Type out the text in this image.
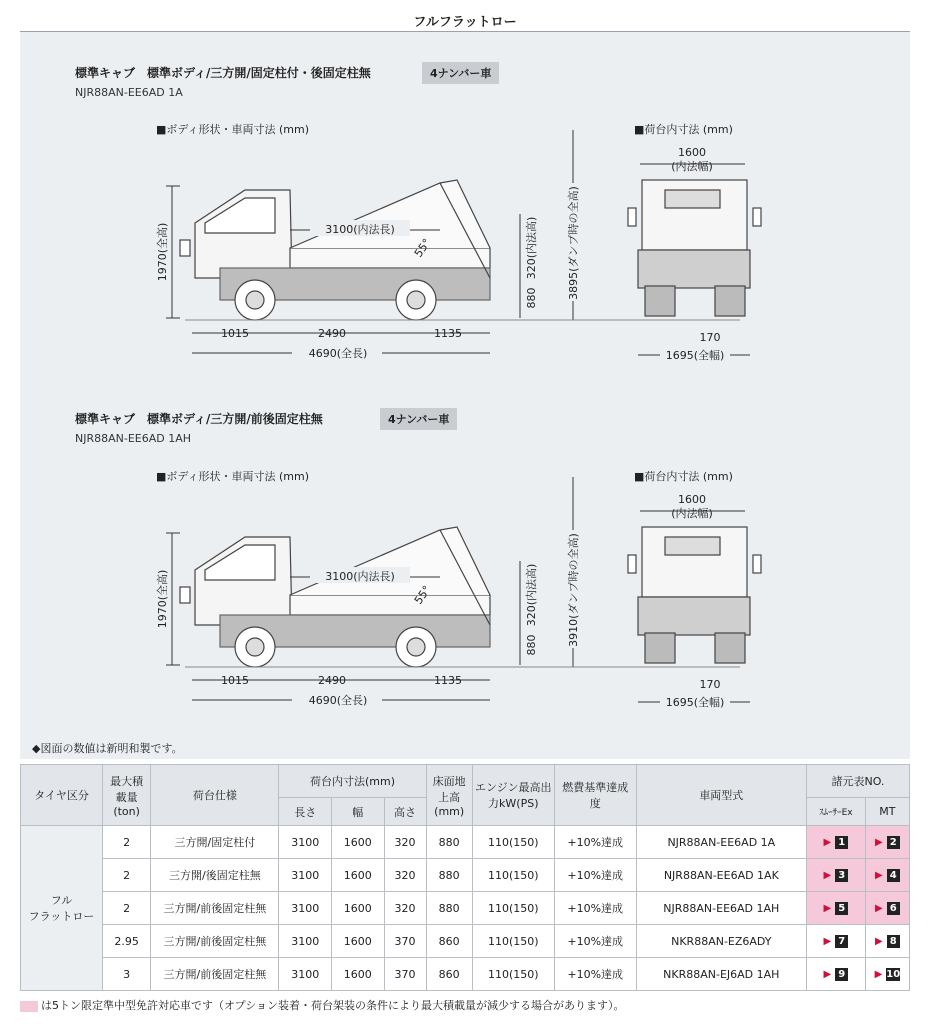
フルフラットロー
標準キャブ　標準ボディ/三方開/固定柱付・後固定柱無	4ナンバー車
NJR88AN-EE6AD 1A
■ボディ形状・車両寸法 (mm)	■荷台内寸法 (mm)
1970(全高)	3100(内法長)
55°	320(内法高)
880	3895(ダンプ時の全高)
1015	2490	1135
4690(全長)
1600
(内法幅)
170
1695(全幅)
標準キャブ　標準ボディ/三方開/前後固定柱無	4ナンバー車
NJR88AN-EE6AD 1AH
■ボディ形状・車両寸法 (mm)	■荷台内寸法 (mm)
1970(全高)	3100(内法長)
55°	320(内法高)
880	3910(ダンプ時の全高)
1015	2490	1135
4690(全長)
1600
(内法幅)
170
1695(全幅)
◆図面の数値は新明和製です。
タイヤ区分	最大積載量(ton)	荷台仕様	荷台内寸法(mm)			床面地上高(mm)	エンジン最高出力kW(PS)	燃費基準達成度	車両型式	諸元表NO.	
			長さ	幅	高さ					ｽﾑｰｻｰEx	MT
フル
フラットロー	2	三方開/固定柱付	3100	1600	320	880	110(150)	+10%達成	NJR88AN-EE6AD 1A	▶ 1	▶ 2

	2	三方開/後固定柱無	3100	1600	320	880	110(150)	+10%達成	NJR88AN-EE6AD 1AK	▶ 3	▶ 4

	2	三方開/前後固定柱無	3100	1600	320	880	110(150)	+10%達成	NJR88AN-EE6AD 1AH	▶ 5	▶ 6

	2.95	三方開/前後固定柱無	3100	1600	370	860	110(150)	+10%達成	NKR88AN-EZ6ADY	▶ 7	▶ 8

	3	三方開/前後固定柱無	3100	1600	370	860	110(150)	+10%達成	NKR88AN-EJ6AD 1AH	▶ 9	▶ 10
は5トン限定準中型免許対応車です（オプション装着・荷台架装の条件により最大積載量が減少する場合があります）。
